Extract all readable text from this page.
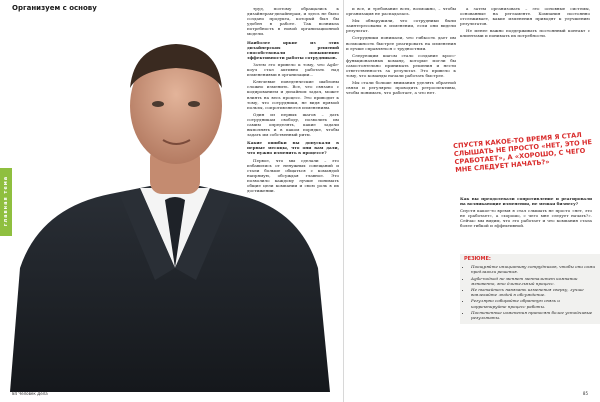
Организуем с основу
главная тема

труд, поэтому обращались к дизайнерам-дизайнерам, и здесь не было создано продукта, который был бы удобен в работе. Так возникла потребность в новой организационной модели.

Наиболее яркие из этих дизайнерских решений способствовали повышению эффективности работы сотрудников.

Затем это привело к тому, что Agile-коуч стал активно работать над изменениями в организации...

Ключевые поведенческие шаблоны сложно изменить. Все, что связано с кодированием и дизайном задач, может влиять на весь процесс. Это приводит к тому, что сотрудники, не видя прямой пользы, сопротивляются изменениям.

Один из первых шагов – дать сотрудникам свободу, позволить им самим определять, какие задачи выполнять и в каком порядке, чтобы задать им собственный ритм.

Какие ошибки вы допускали в первые месяцы, что они вам дали, что нужно изменить в процессе?

Первое, что мы сделали – это избавились от ненужных совещаний и стали больше общаться с командой напрямую, обсуждая главное. Это позволило каждому лучше понимать общие цели компании и свою роль в их достижении.

и все, и требование всех, возможно, – чтобы организация не распадалась.

Мы обнаружили, что сотрудники были заинтересованы в изменении, если они видели результат.

Сотрудники понимали, что гибкость дает им возможность быстрее реагировать на изменения и лучше справляться с трудностями.

Следующим шагом стало создание кросс-функциональных команд, которые могли бы самостоятельно принимать решения и нести ответственность за результат. Это привело к тому, что команды начали работать быстрее.

Мы стали больше внимания уделять обратной связи и регулярно проводить ретроспективы, чтобы понимать, что работает, а что нет.

а затем организовать – это основные системы, основанные на регламенте. Компания постоянно отслеживает, какие изменения приводят к улучшению результатов.

Не менее важно поддерживать постоянный контакт с клиентами и понимать их потребности.

СПУСТЯ КАКОЕ-ТО ВРЕМЯ Я СТАЛ СЛЫШАТЬ НЕ ПРОСТО «НЕТ, ЭТО НЕ СРАБОТАЕТ», А «ХОРОШО, С ЧЕГО МНЕ СЛЕДУЕТ НАЧАТЬ?»

Как вы преодолевали сопротивление и реагировали на возникающие изменения, не мешая бизнесу?

Спустя какое-то время я стал слышать не просто «нет, это не сработает», а «хорошо, с чего мне следует начать?». Сейчас мы видим, что это работает и что компания стала более гибкой и эффективной.

РЕЗЮМЕ:
• Поощряйте инициативу сотрудников, чтобы они сами предлагали решения.
• Agile-подход не меняет менталитет компании мгновенно, это длительный процесс.
• Не пытайтесь навязать изменения сверху, лучше вовлекайте людей в обсуждение.
• Регулярно собирайте обратную связь и корректируйте процесс работы.
• Постепенные изменения приносят более устойчивые результаты.
84 Человек Дела	85
